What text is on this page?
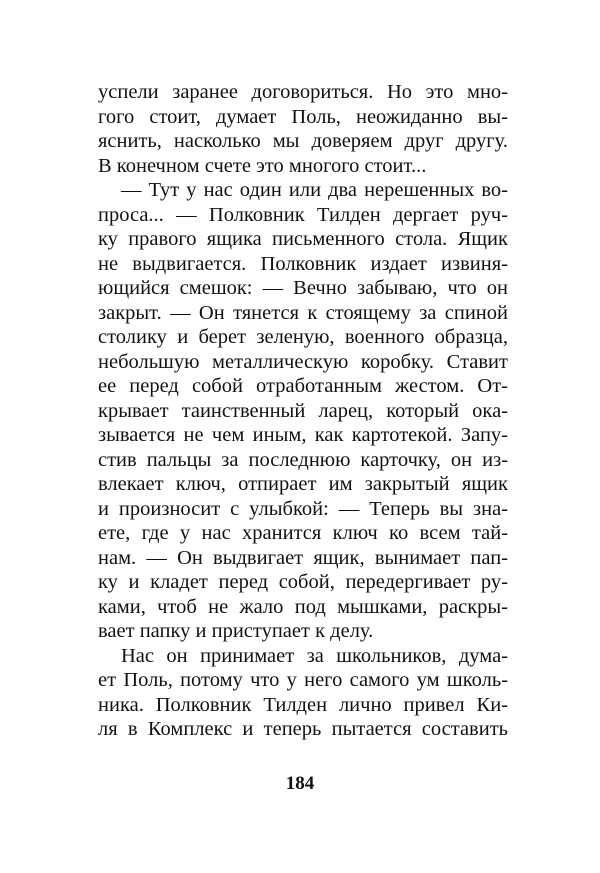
успели заранее договориться. Но это мно-
гого стоит, думает Поль, неожиданно вы-
яснить, насколько мы доверяем друг другу.
В конечном счете это многого стоит...
— Тут у нас один или два нерешенных во-
проса... — Полковник Тилден дергает руч-
ку правого ящика письменного стола. Ящик
не выдвигается. Полковник издает извиня-
ющийся смешок: — Вечно забываю, что он
закрыт. — Он тянется к стоящему за спиной
столику и берет зеленую, военного образца,
небольшую металлическую коробку. Ставит
ее перед собой отработанным жестом. От-
крывает таинственный ларец, который ока-
зывается не чем иным, как картотекой. Запу-
стив пальцы за последнюю карточку, он из-
влекает ключ, отпирает им закрытый ящик
и произносит с улыбкой: — Теперь вы зна-
ете, где у нас хранится ключ ко всем тай-
нам. — Он выдвигает ящик, вынимает пап-
ку и кладет перед собой, передергивает ру-
ками, чтоб не жало под мышками, раскры-
вает папку и приступает к делу.
Нас он принимает за школьников, дума-
ет Поль, потому что у него самого ум школь-
ника. Полковник Тилден лично привел Ки-
ля в Комплекс и теперь пытается составить
184
